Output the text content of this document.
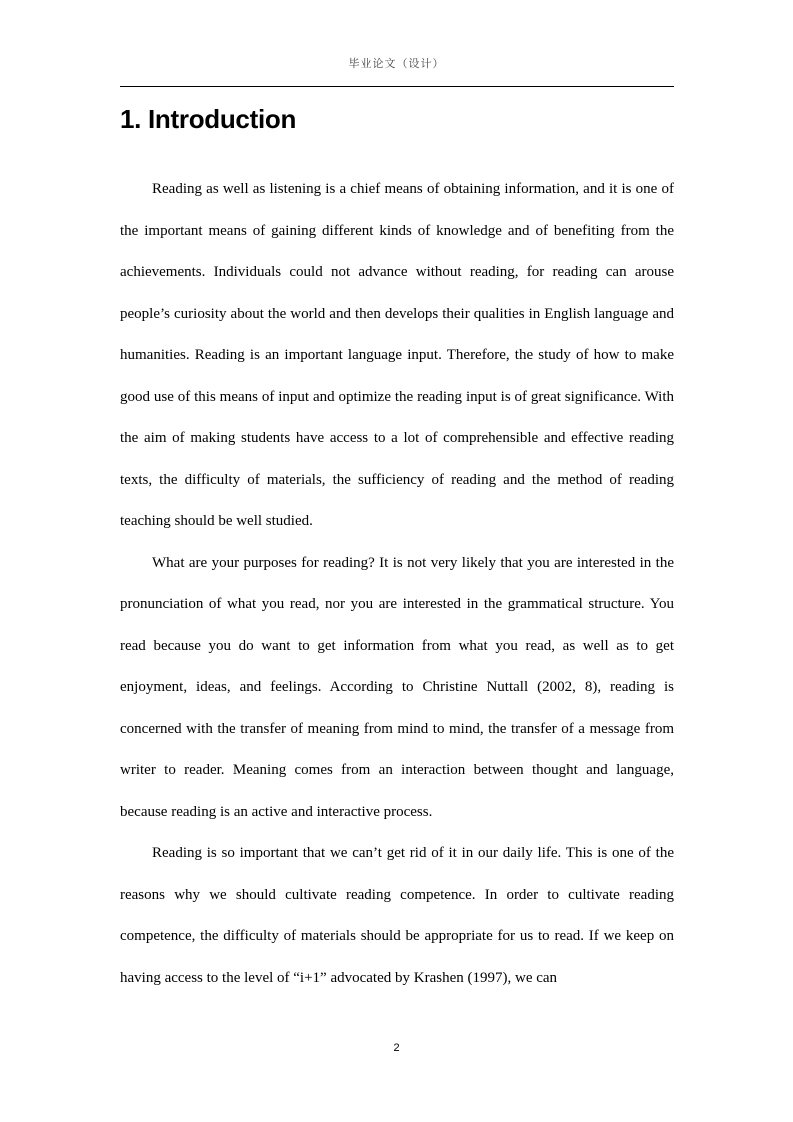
毕业论文（设计）
1. Introduction

Reading as well as listening is a chief means of obtaining information, and it is one of the important means of gaining different kinds of knowledge and of benefiting from the achievements. Individuals could not advance without reading, for reading can arouse people’s curiosity about the world and then develops their qualities in English language and humanities. Reading is an important language input. Therefore, the study of how to make good use of this means of input and optimize the reading input is of great significance. With the aim of making students have access to a lot of comprehensible and effective reading texts, the difficulty of materials, the sufficiency of reading and the method of reading teaching should be well studied.

What are your purposes for reading? It is not very likely that you are interested in the pronunciation of what you read, nor you are interested in the grammatical structure. You read because you do want to get information from what you read, as well as to get enjoyment, ideas, and feelings. According to Christine Nuttall (2002, 8), reading is concerned with the transfer of meaning from mind to mind, the transfer of a message from writer to reader. Meaning comes from an interaction between thought and language, because reading is an active and interactive process.

Reading is so important that we can’t get rid of it in our daily life. This is one of the reasons why we should cultivate reading competence. In order to cultivate reading competence, the difficulty of materials should be appropriate for us to read. If we keep on having access to the level of “i+1” advocated by Krashen (1997), we can

2
